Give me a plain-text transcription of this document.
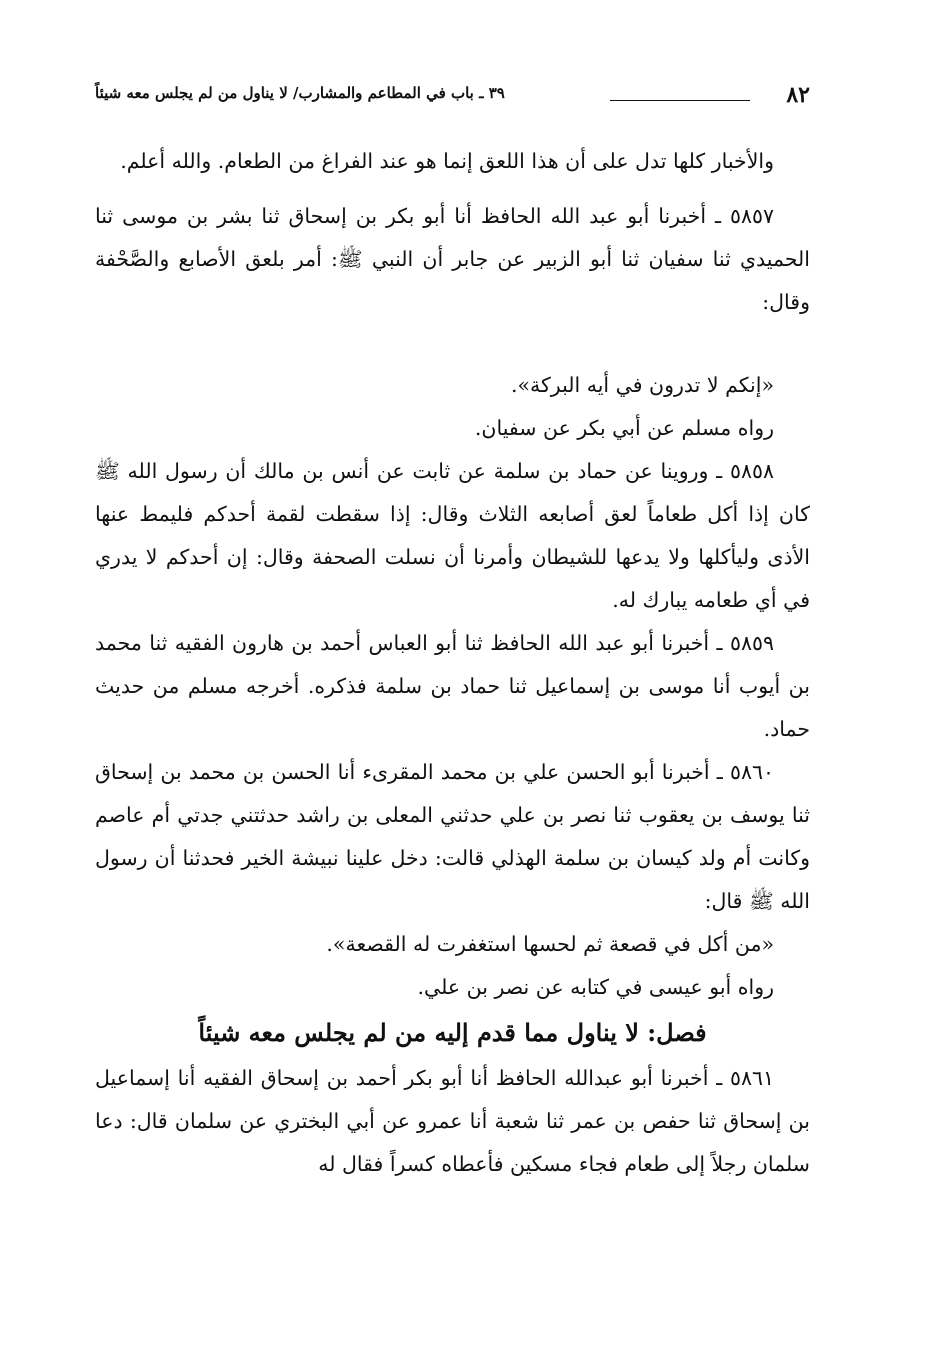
٨٢
٣٩ ـ باب في المطاعم والمشارب/ لا يناول من لم يجلس معه شيئاً

والأخبار كلها تدل على أن هذا اللعق إنما هو عند الفراغ من الطعام. والله أعلم.

٥٨٥٧ ـ أخبرنا أبو عبد الله الحافظ أنا أبو بكر بن إسحاق ثنا بشر بن موسى ثنا الحميدي ثنا سفيان ثنا أبو الزبير عن جابر أن النبي ﷺ: أمر بلعق الأصابع والصَّحْفة وقال:

«إنكم لا تدرون في أيه البركة».

رواه مسلم عن أبي بكر عن سفيان.

٥٨٥٨ ـ وروينا عن حماد بن سلمة عن ثابت عن أنس بن مالك أن رسول الله ﷺ كان إذا أكل طعاماً لعق أصابعه الثلاث وقال: إذا سقطت لقمة أحدكم فليمط عنها الأذى وليأكلها ولا يدعها للشيطان وأمرنا أن نسلت الصحفة وقال: إن أحدكم لا يدري في أي طعامه يبارك له.

٥٨٥٩ ـ أخبرنا أبو عبد الله الحافظ ثنا أبو العباس أحمد بن هارون الفقيه ثنا محمد بن أيوب أنا موسى بن إسماعيل ثنا حماد بن سلمة فذكره. أخرجه مسلم من حديث حماد.

٥٨٦٠ ـ أخبرنا أبو الحسن علي بن محمد المقرىء أنا الحسن بن محمد بن إسحاق ثنا يوسف بن يعقوب ثنا نصر بن علي حدثني المعلى بن راشد حدثتني جدتي أم عاصم وكانت أم ولد كيسان بن سلمة الهذلي قالت: دخل علينا نبيشة الخير فحدثنا أن رسول الله ﷺ قال:

«من أكل في قصعة ثم لحسها استغفرت له القصعة».

رواه أبو عيسى في كتابه عن نصر بن علي.

فصل: لا يناول مما قدم إليه من لم يجلس معه شيئاً

٥٨٦١ ـ أخبرنا أبو عبدالله الحافظ أنا أبو بكر أحمد بن إسحاق الفقيه أنا إسماعيل بن إسحاق ثنا حفص بن عمر ثنا شعبة أنا عمرو عن أبي البختري عن سلمان قال: دعا سلمان رجلاً إلى طعام فجاء مسكين فأعطاه كسراً فقال له
